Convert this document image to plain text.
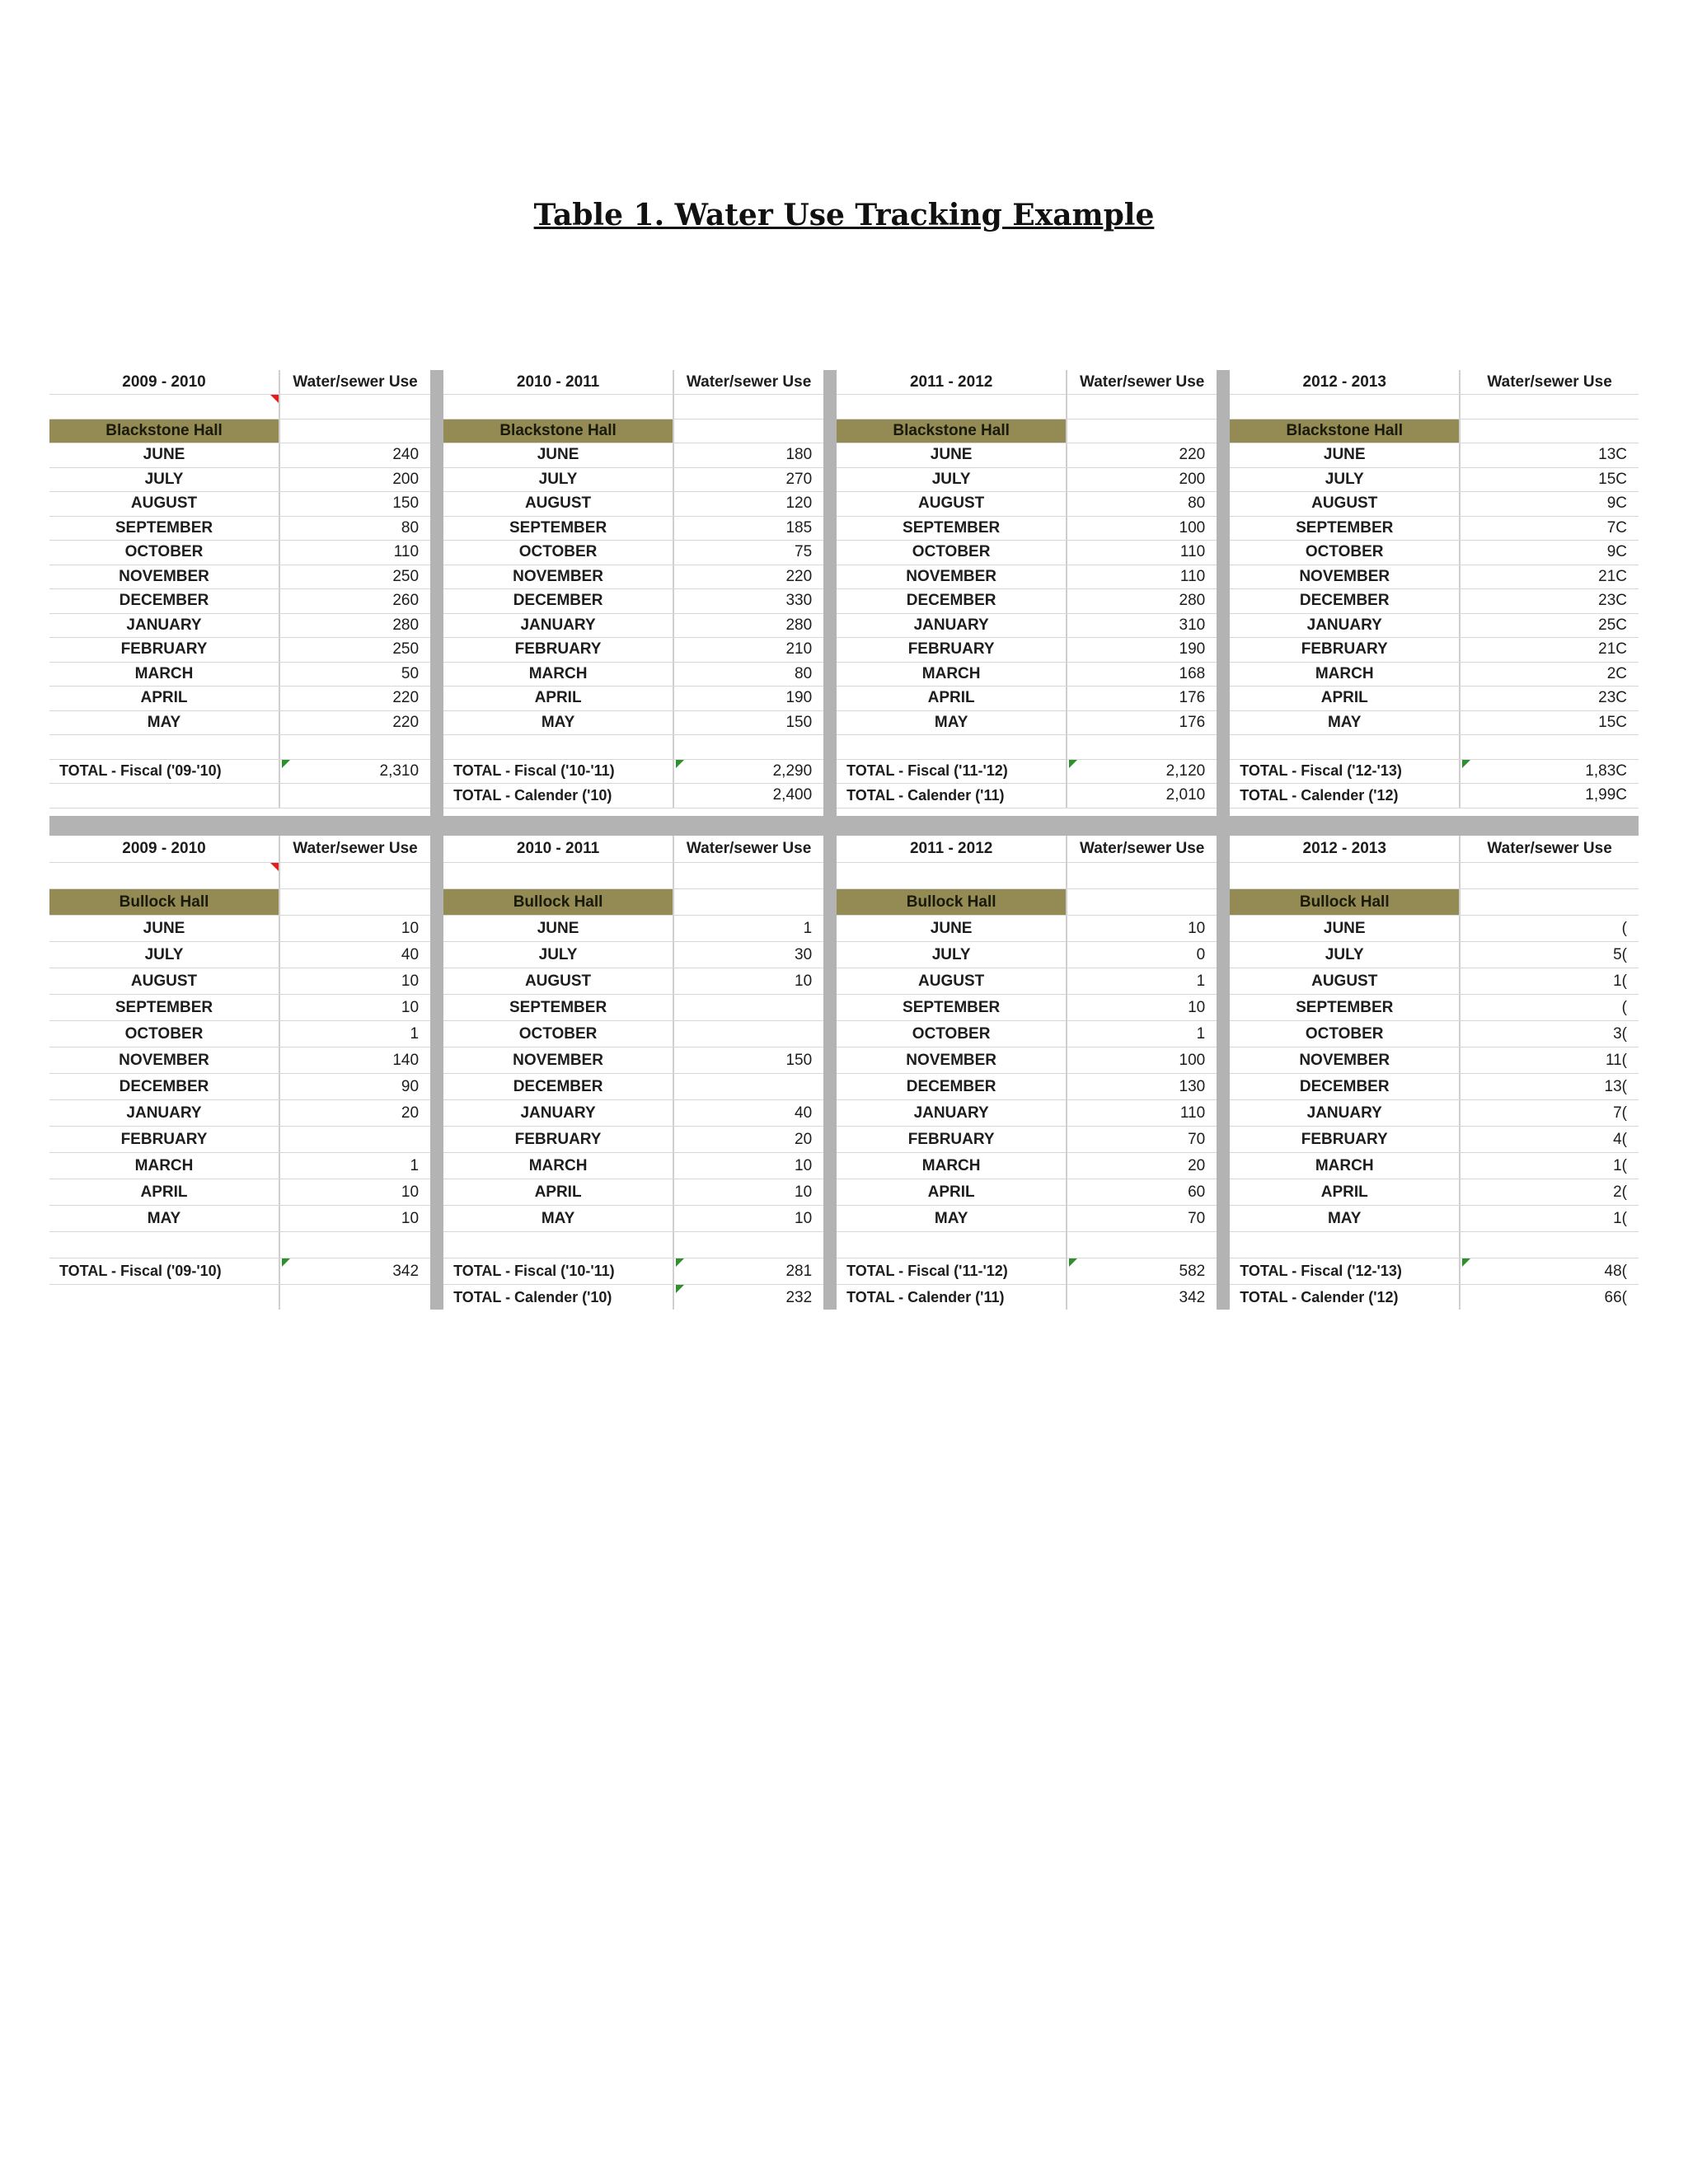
Table 1. Water Use Tracking Example
2009 - 2010	Water/sewer Use
Blackstone Hall
JUNE	240
JULY	200
AUGUST	150
SEPTEMBER	80
OCTOBER	110
NOVEMBER	250
DECEMBER	260
JANUARY	280
FEBRUARY	250
MARCH	50
APRIL	220
MAY	220
TOTAL - Fiscal ('09-'10)	2,310
2010 - 2011	Water/sewer Use
Blackstone Hall
JUNE	180
JULY	270
AUGUST	120
SEPTEMBER	185
OCTOBER	75
NOVEMBER	220
DECEMBER	330
JANUARY	280
FEBRUARY	210
MARCH	80
APRIL	190
MAY	150
TOTAL - Fiscal ('10-'11)	2,290
TOTAL - Calender ('10)	2,400
2011 - 2012	Water/sewer Use
Blackstone Hall
JUNE	220
JULY	200
AUGUST	80
SEPTEMBER	100
OCTOBER	110
NOVEMBER	110
DECEMBER	280
JANUARY	310
FEBRUARY	190
MARCH	168
APRIL	176
MAY	176
TOTAL - Fiscal ('11-'12)	2,120
TOTAL - Calender ('11)	2,010
2012 - 2013	Water/sewer Use
Blackstone Hall
JUNE	13C
JULY	15C
AUGUST	9C
SEPTEMBER	7C
OCTOBER	9C
NOVEMBER	21C
DECEMBER	23C
JANUARY	25C
FEBRUARY	21C
MARCH	2C
APRIL	23C
MAY	15C
TOTAL - Fiscal ('12-'13)	1,83C
TOTAL - Calender ('12)	1,99C
2009 - 2010	Water/sewer Use
Bullock Hall
JUNE	10
JULY	40
AUGUST	10
SEPTEMBER	10
OCTOBER	1
NOVEMBER	140
DECEMBER	90
JANUARY	20
FEBRUARY
MARCH	1
APRIL	10
MAY	10
TOTAL - Fiscal ('09-'10)	342
2010 - 2011	Water/sewer Use
Bullock Hall
JUNE	1
JULY	30
AUGUST	10
SEPTEMBER
OCTOBER
NOVEMBER	150
DECEMBER
JANUARY	40
FEBRUARY	20
MARCH	10
APRIL	10
MAY	10
TOTAL - Fiscal ('10-'11)	281
TOTAL - Calender ('10)	232
2011 - 2012	Water/sewer Use
Bullock Hall
JUNE	10
JULY	0
AUGUST	1
SEPTEMBER	10
OCTOBER	1
NOVEMBER	100
DECEMBER	130
JANUARY	110
FEBRUARY	70
MARCH	20
APRIL	60
MAY	70
TOTAL - Fiscal ('11-'12)	582
TOTAL - Calender ('11)	342
2012 - 2013	Water/sewer Use
Bullock Hall
JUNE	(
JULY	5(
AUGUST	1(
SEPTEMBER	(
OCTOBER	3(
NOVEMBER	11(
DECEMBER	13(
JANUARY	7(
FEBRUARY	4(
MARCH	1(
APRIL	2(
MAY	1(
TOTAL - Fiscal ('12-'13)	48(
TOTAL - Calender ('12)	66(
